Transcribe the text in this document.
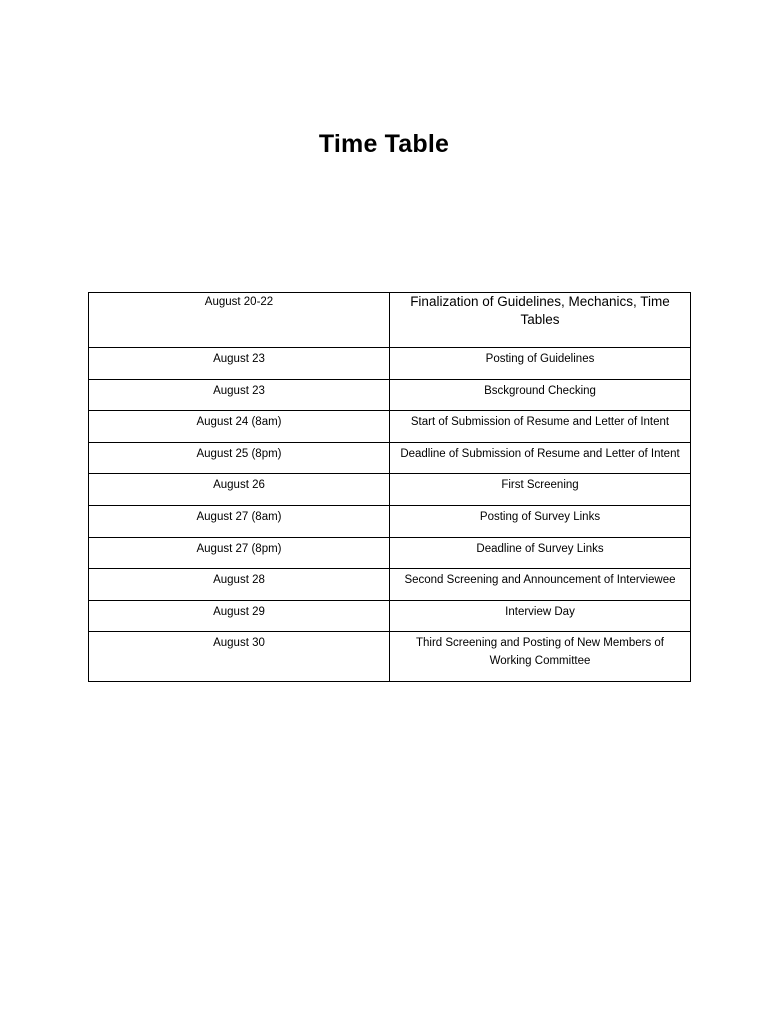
Time Table
August 20-22	Finalization of Guidelines, Mechanics, Time Tables
August 23	Posting of Guidelines
August 23	Bsckground Checking
August 24 (8am)	Start of Submission of Resume and Letter of Intent
August 25 (8pm)	Deadline of Submission of Resume and Letter of Intent
August 26	First Screening
August 27 (8am)	Posting of Survey Links
August 27 (8pm)	Deadline of Survey Links
August 28	Second Screening and Announcement of Interviewee
August 29	Interview Day
August 30	Third Screening and Posting of New Members of Working Committee
